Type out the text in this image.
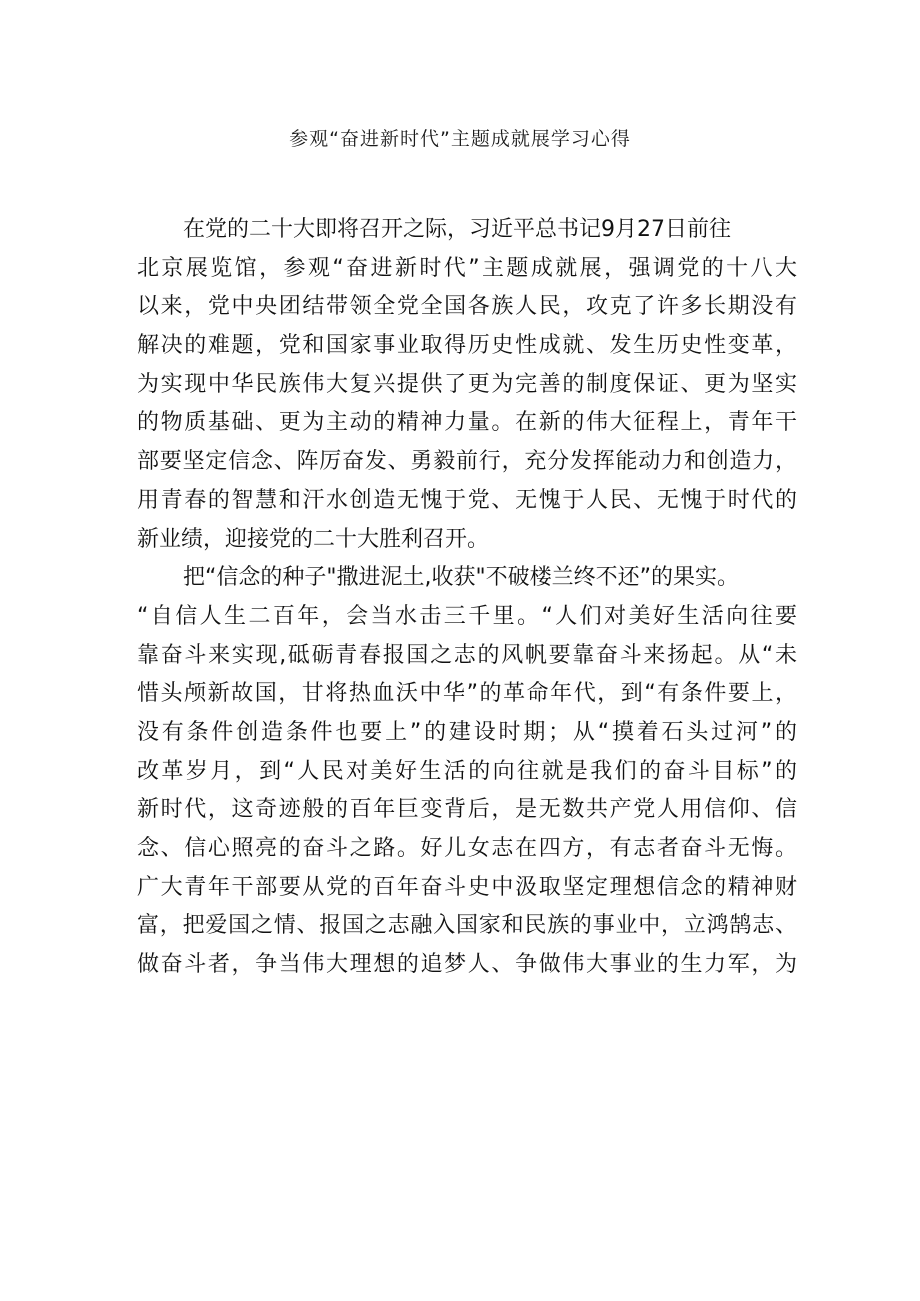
参观“奋进新时代”主题成就展学习心得
在党的二十大即将召开之际，习近平总书记9月27日前往
北京展览馆，参观“奋进新时代”主题成就展，强调党的十八大
以来，党中央团结带领全党全国各族人民，攻克了许多长期没有
解决的难题，党和国家事业取得历史性成就、发生历史性变革，
为实现中华民族伟大复兴提供了更为完善的制度保证、更为坚实
的物质基础、更为主动的精神力量。在新的伟大征程上，青年干
部要坚定信念、阵厉奋发、勇毅前行，充分发挥能动力和创造力，
用青春的智慧和汗水创造无愧于党、无愧于人民、无愧于时代的
新业绩，迎接党的二十大胜利召开。
把“信念的种子"撒进泥土,收获"不破楼兰终不还”的果实。
“自信人生二百年，会当水击三千里。“人们对美好生活向往要
靠奋斗来实现,砥砺青春报国之志的风帆要靠奋斗来扬起。从“未
惜头颅新故国，甘将热血沃中华”的革命年代，到“有条件要上，
没有条件创造条件也要上”的建设时期；从“摸着石头过河”的
改革岁月，到“人民对美好生活的向往就是我们的奋斗目标”的
新时代，这奇迹般的百年巨变背后，是无数共产党人用信仰、信
念、信心照亮的奋斗之路。好儿女志在四方，有志者奋斗无悔。
广大青年干部要从党的百年奋斗史中汲取坚定理想信念的精神财
富，把爱国之情、报国之志融入国家和民族的事业中，立鸿鹄志、
做奋斗者，争当伟大理想的追梦人、争做伟大事业的生力军，为
